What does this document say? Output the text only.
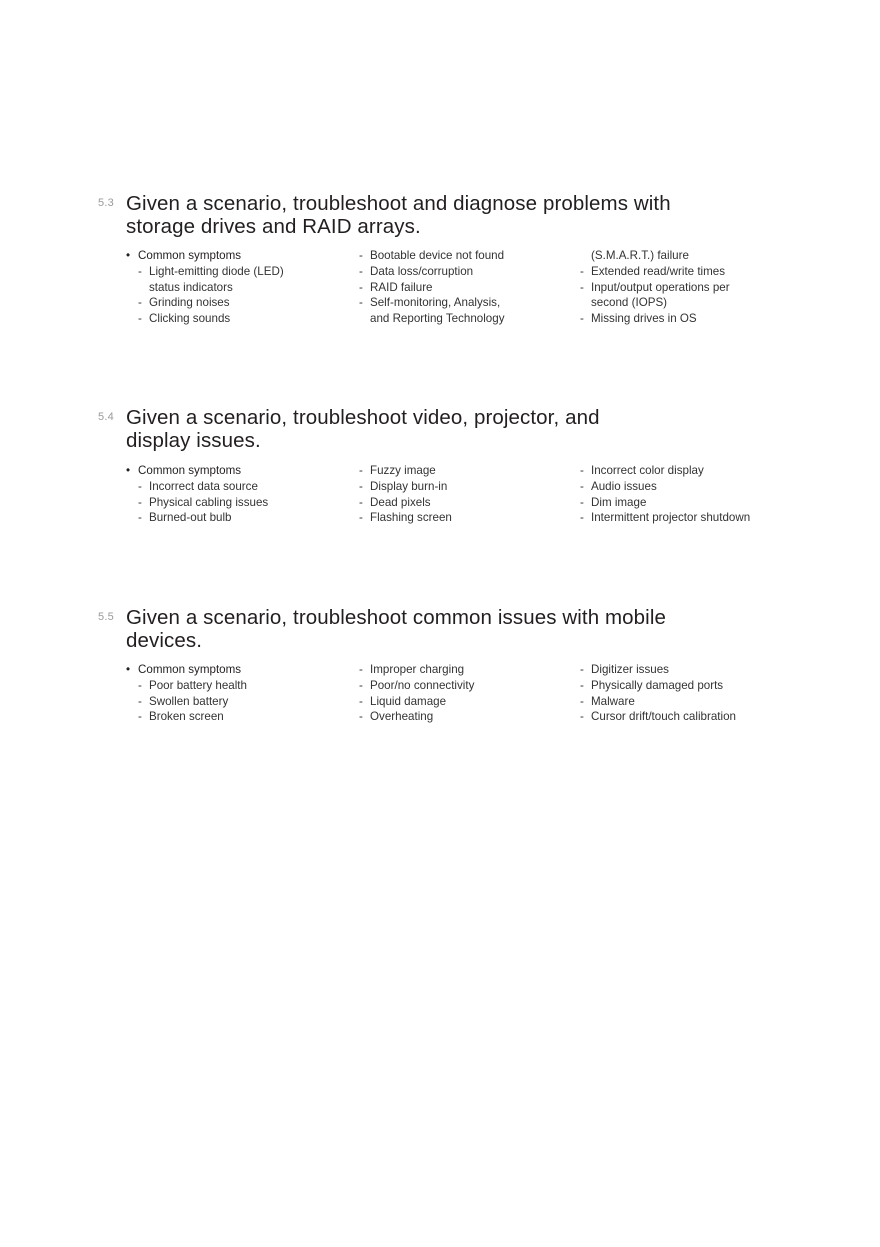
5.3 Given a scenario, troubleshoot and diagnose problems with
storage drives and RAID arrays.
• Common symptoms
- Light-emitting diode (LED)
status indicators
- Grinding noises
- Clicking sounds
- Bootable device not found
- Data loss/corruption
- RAID failure
- Self-monitoring, Analysis,
and Reporting Technology
(S.M.A.R.T.) failure
- Extended read/write times
- Input/output operations per
second (IOPS)
- Missing drives in OS
5.4 Given a scenario, troubleshoot video, projector, and
display issues.
• Common symptoms
- Incorrect data source
- Physical cabling issues
- Burned-out bulb
- Fuzzy image
- Display burn-in
- Dead pixels
- Flashing screen
- Incorrect color display
- Audio issues
- Dim image
- Intermittent projector shutdown
5.5 Given a scenario, troubleshoot common issues with mobile
devices.
• Common symptoms
- Poor battery health
- Swollen battery
- Broken screen
- Improper charging
- Poor/no connectivity
- Liquid damage
- Overheating
- Digitizer issues
- Physically damaged ports
- Malware
- Cursor drift/touch calibration
